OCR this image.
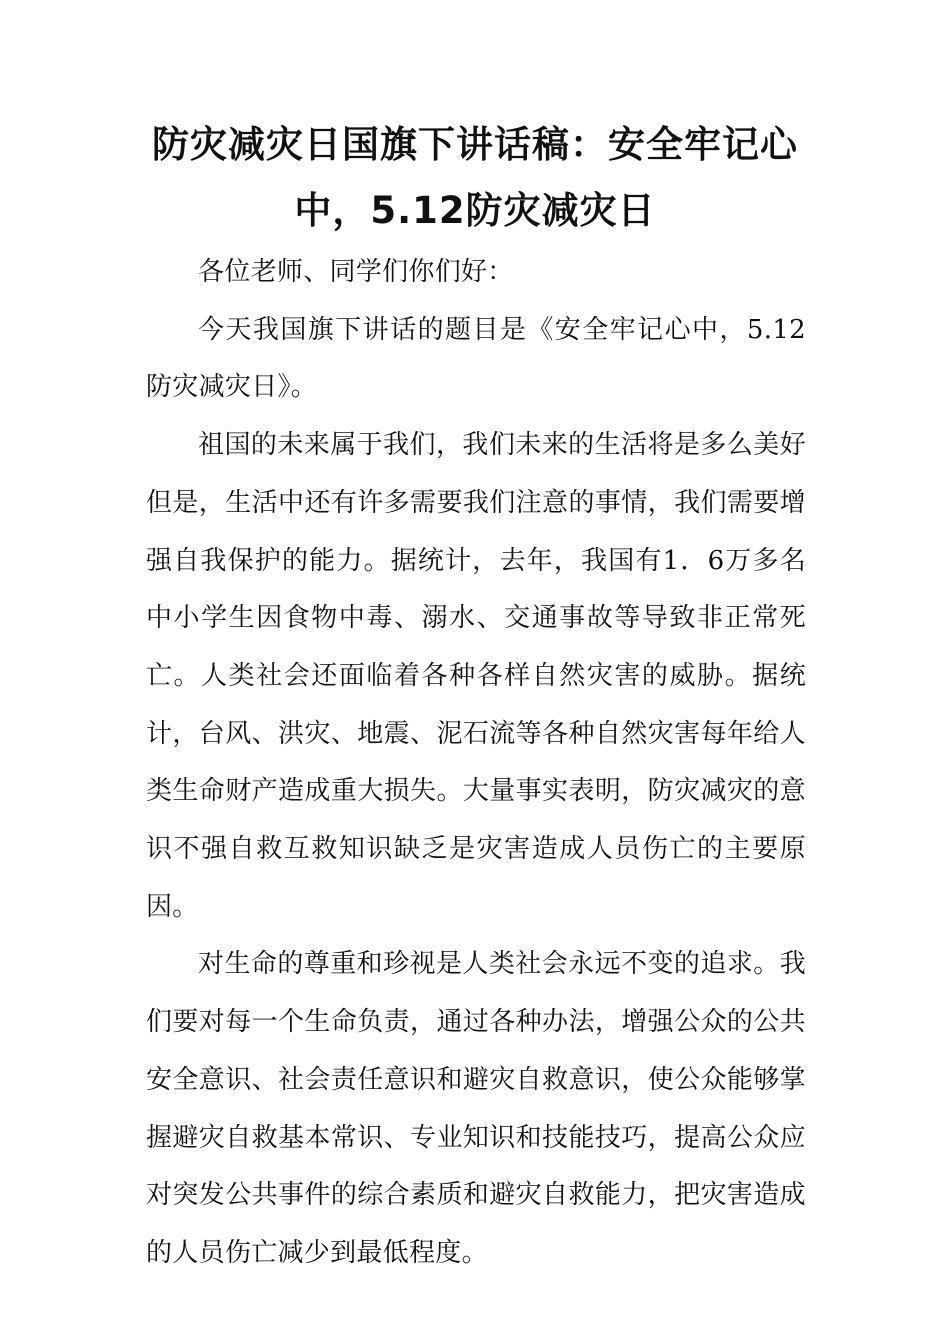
防灾减灾日国旗下讲话稿：安全牢记心
中，5.12防灾减灾日

各位老师、同学们你们好：

今天我国旗下讲话的题目是《安全牢记心中，5.12防灾减灾日》。

祖国的未来属于我们，我们未来的生活将是多么美好但是，生活中还有许多需要我们注意的事情，我们需要增强自我保护的能力。据统计，去年，我国有1．6万多名中小学生因食物中毒、溺水、交通事故等导致非正常死亡。人类社会还面临着各种各样自然灾害的威胁。据统计，台风、洪灾、地震、泥石流等各种自然灾害每年给人类生命财产造成重大损失。大量事实表明，防灾减灾的意识不强自救互救知识缺乏是灾害造成人员伤亡的主要原因。

对生命的尊重和珍视是人类社会永远不变的追求。我们要对每一个生命负责，通过各种办法，增强公众的公共安全意识、社会责任意识和避灾自救意识，使公众能够掌握避灾自救基本常识、专业知识和技能技巧，提高公众应对突发公共事件的综合素质和避灾自救能力，把灾害造成的人员伤亡减少到最低程度。
